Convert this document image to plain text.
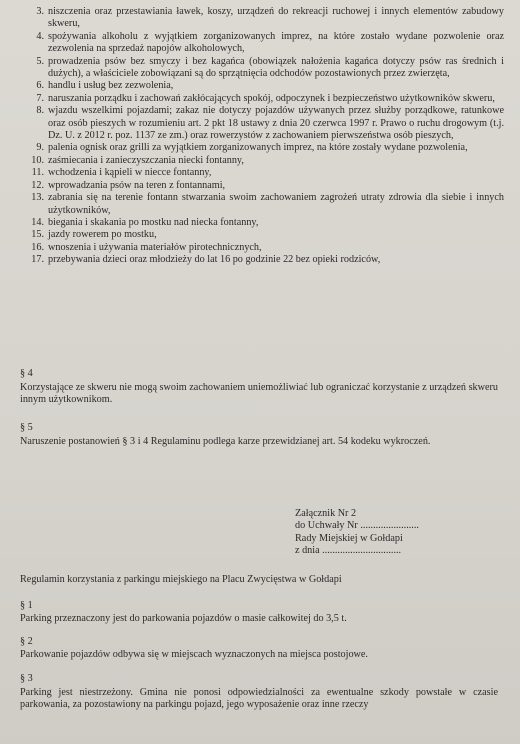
3. niszczenia oraz przestawiania ławek, koszy, urządzeń do rekreacji ruchowej i innych elementów zabudowy skweru,
4. spożywania alkoholu z wyjątkiem zorganizowanych imprez, na które zostało wydane pozwolenie oraz zezwolenia na sprzedaż napojów alkoholowych,
5. prowadzenia psów bez smyczy i bez kagańca (obowiązek nałożenia kagańca dotyczy psów ras średnich i dużych), a właściciele zobowiązani są do sprzątnięcia odchodów pozostawionych przez zwierzęta,
6. handlu i usług bez zezwolenia,
7. naruszania porządku i zachowań zakłócających spokój, odpoczynek i bezpieczeństwo użytkowników skweru,
8. wjazdu wszelkimi pojazdami; zakaz nie dotyczy pojazdów używanych przez służby porządkowe, ratunkowe oraz osób pieszych w rozumieniu art. 2 pkt 18 ustawy z dnia 20 czerwca 1997 r. Prawo o ruchu drogowym (t.j. Dz. U. z 2012 r. poz. 1137 ze zm.) oraz rowerzystów z zachowaniem pierwszeństwa osób pieszych,
9. palenia ognisk oraz grilli za wyjątkiem zorganizowanych imprez, na które zostały wydane pozwolenia,
10. zaśmiecania i zanieczyszczania niecki fontanny,
11. wchodzenia i kąpieli w niecce fontanny,
12. wprowadzania psów na teren z fontannami,
13. zabrania się na terenie fontann stwarzania swoim zachowaniem zagrożeń utraty zdrowia dla siebie i innych użytkowników,
14. biegania i skakania po mostku nad niecka fontanny,
15. jazdy rowerem po mostku,
16. wnoszenia i używania materiałów pirotechnicznych,
17. przebywania dzieci oraz młodzieży do lat 16 po godzinie 22 bez opieki rodziców,
§ 4
Korzystające ze skweru nie mogą swoim zachowaniem uniemożliwiać lub ograniczać korzystanie z urządzeń skweru innym użytkownikom.
§ 5
Naruszenie postanowień § 3 i 4 Regulaminu podlega karze przewidzianej art. 54 kodeku wykroczeń.
Załącznik Nr 2
do Uchwały Nr .......................
Rady Miejskiej w Gołdapi
z dnia ...............................
Regulamin korzystania z parkingu miejskiego na Placu Zwycięstwa w Gołdapi
§ 1
Parking przeznaczony jest do parkowania pojazdów o masie całkowitej do 3,5 t.
§ 2
Parkowanie pojazdów odbywa się w miejscach wyznaczonych na miejsca postojowe.
§ 3
Parking jest niestrzeżony. Gmina nie ponosi odpowiedzialności za ewentualne szkody powstałe w czasie parkowania, za pozostawiony na parkingu pojazd, jego wyposażenie oraz inne rzeczy
